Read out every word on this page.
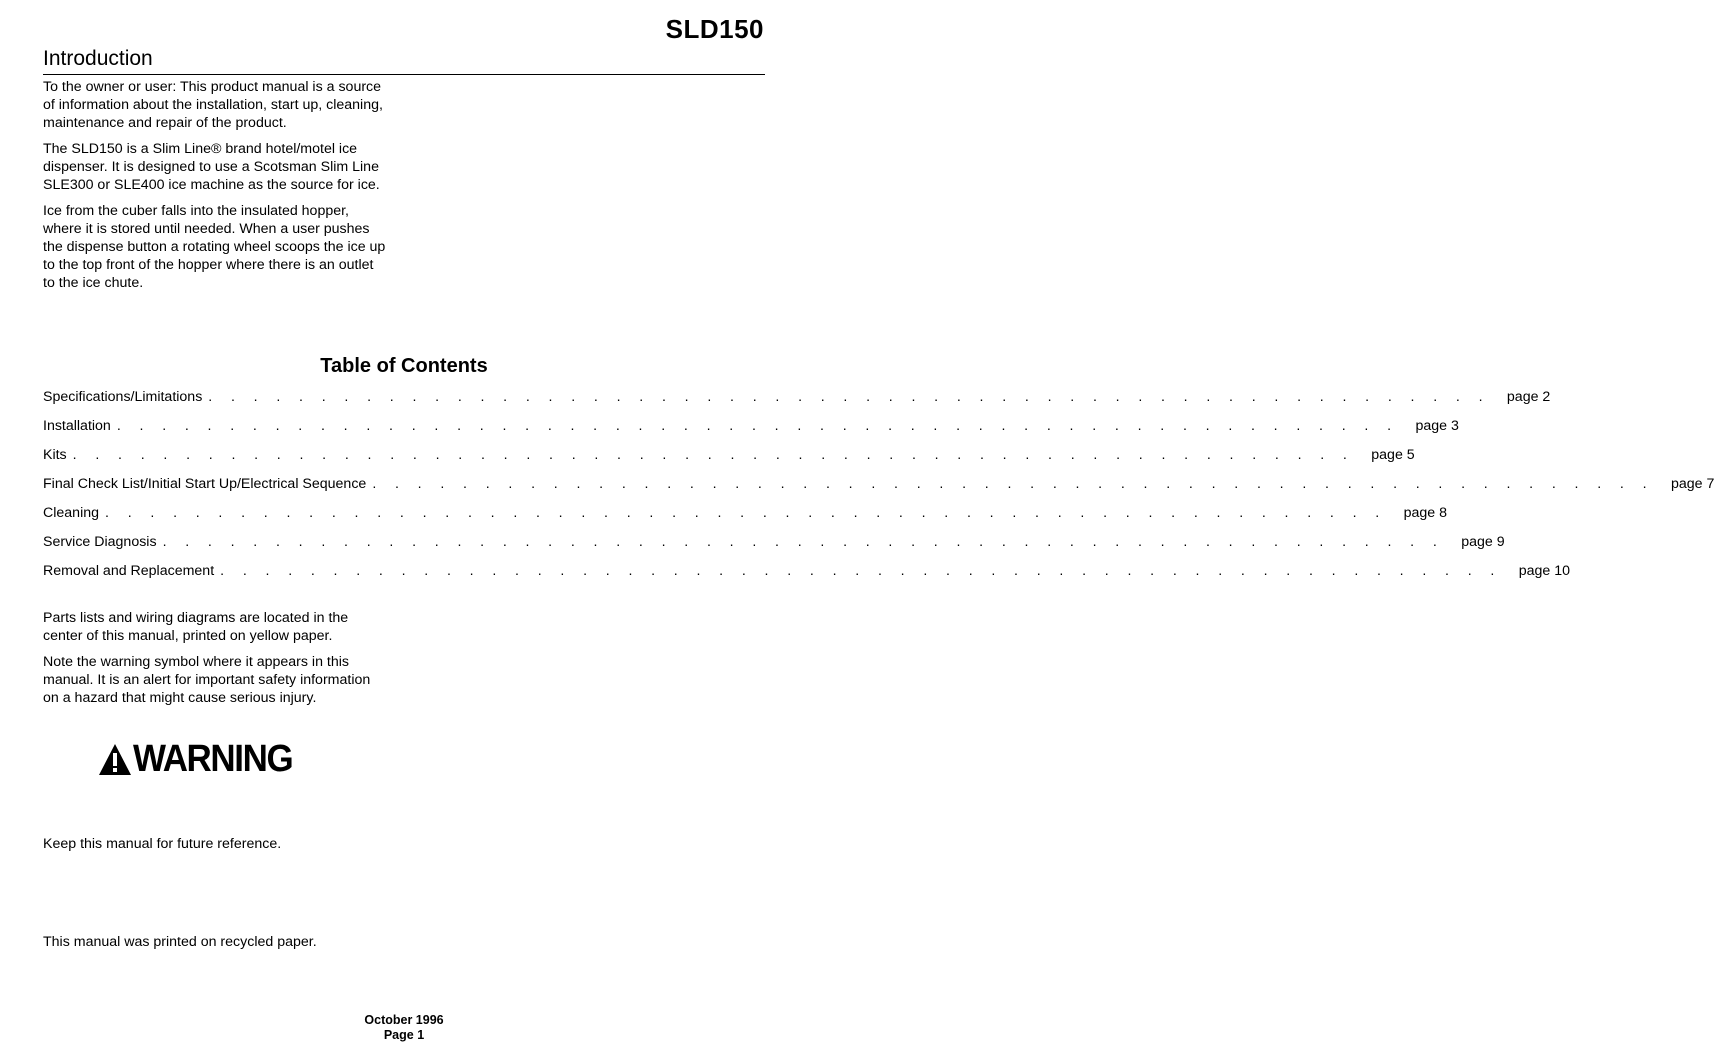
SLD150
Introduction

To the owner or user: This product manual is a source of information about the installation, start up, cleaning, maintenance and repair of the product.

The SLD150 is a Slim Line® brand hotel/motel ice dispenser. It is designed to use a Scotsman Slim Line SLE300 or SLE400 ice machine as the source for ice.

Ice from the cuber falls into the insulated hopper, where it is stored until needed. When a user pushes the dispense button a rotating wheel scoops the ice up to the top front of the hopper where there is an outlet to the ice chute.

Table of Contents
Specifications/Limitations . . . . . . . . . . . . . . . . . . . . . . . . . . . . . . . . . . . . . . . . . . . . . . . . . . . . . . . . .	page 2
Installation . . . . . . . . . . . . . . . . . . . . . . . . . . . . . . . . . . . . . . . . . . . . . . . . . . . . . . . . .	page 3
Kits . . . . . . . . . . . . . . . . . . . . . . . . . . . . . . . . . . . . . . . . . . . . . . . . . . . . . . . . .	page 5
Final Check List/Initial Start Up/Electrical Sequence . . . . . . . . . . . . . . . . . . . . . . . . . . . . . . . . . . . . . . . . . . . . . . . . . . . . . . . . .	page 7
Cleaning . . . . . . . . . . . . . . . . . . . . . . . . . . . . . . . . . . . . . . . . . . . . . . . . . . . . . . . . .	page 8
Service Diagnosis . . . . . . . . . . . . . . . . . . . . . . . . . . . . . . . . . . . . . . . . . . . . . . . . . . . . . . . . .	page 9
Removal and Replacement . . . . . . . . . . . . . . . . . . . . . . . . . . . . . . . . . . . . . . . . . . . . . . . . . . . . . . . . .	page 10

Parts lists and wiring diagrams are located in the center of this manual, printed on yellow paper.

Note the warning symbol where it appears in this manual. It is an alert for important safety information on a hazard that might cause serious injury.

WARNING

Keep this manual for future reference.

This manual was printed on recycled paper.

October 1996
Page 1
